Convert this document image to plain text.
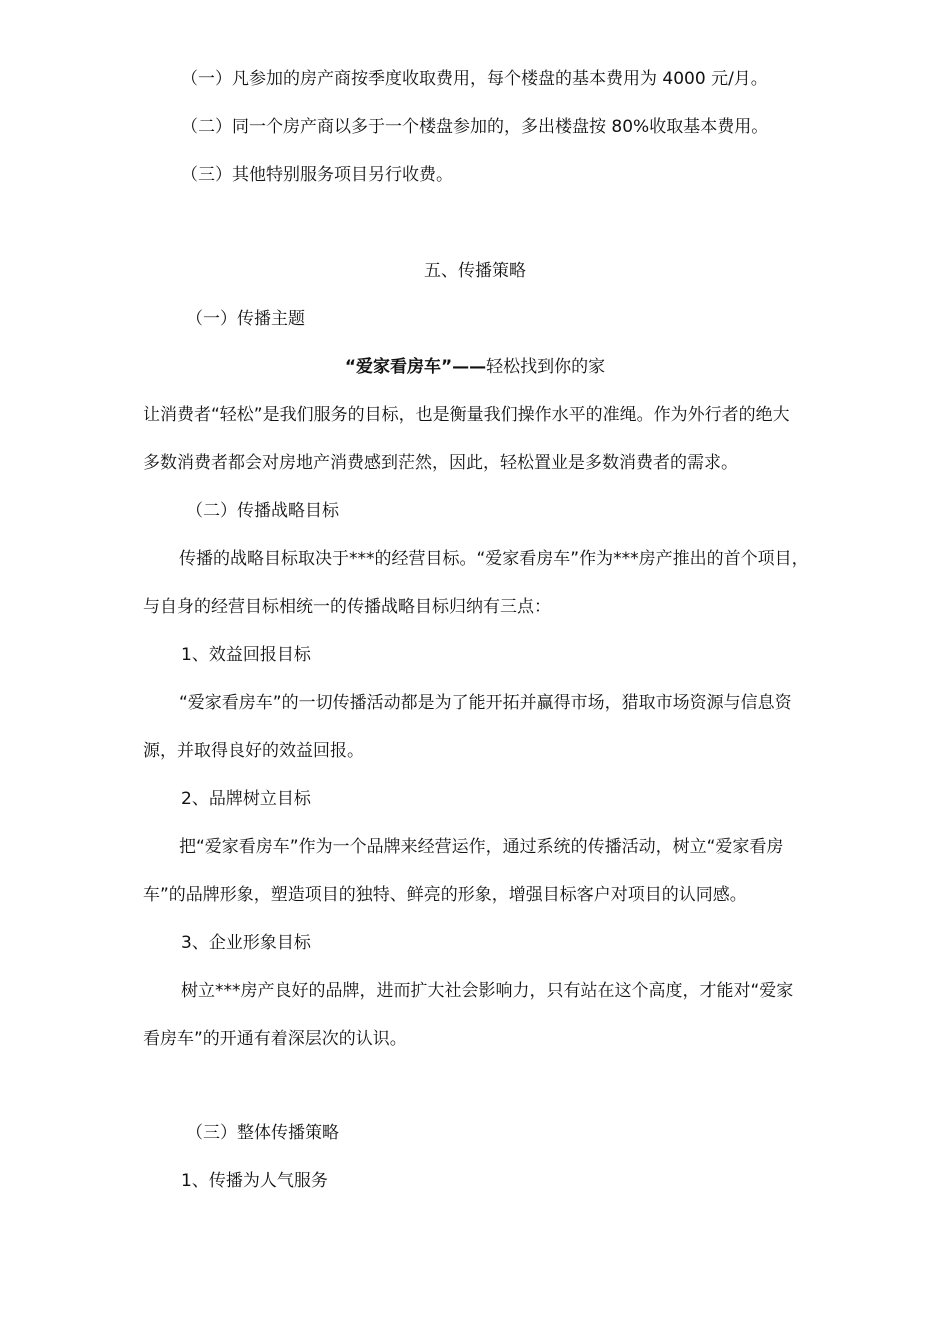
（一）凡参加的房产商按季度收取费用，每个楼盘的基本费用为 4000 元/月。

（二）同一个房产商以多于一个楼盘参加的，多出楼盘按 80%收取基本费用。

（三）其他特别服务项目另行收费。

五、传播策略

（一）传播主题

“爱家看房车”——轻松找到你的家

让消费者“轻松”是我们服务的目标，也是衡量我们操作水平的准绳。作为外行者的绝大

多数消费者都会对房地产消费感到茫然，因此，轻松置业是多数消费者的需求。

（二）传播战略目标

传播的战略目标取决于***的经营目标。“爱家看房车”作为***房产推出的首个项目，

与自身的经营目标相统一的传播战略目标归纳有三点：

1、效益回报目标

“爱家看房车”的一切传播活动都是为了能开拓并赢得市场，猎取市场资源与信息资

源，并取得良好的效益回报。

2、品牌树立目标

把“爱家看房车”作为一个品牌来经营运作，通过系统的传播活动，树立“爱家看房

车”的品牌形象，塑造项目的独特、鲜亮的形象，增强目标客户对项目的认同感。

3、企业形象目标

树立***房产良好的品牌，进而扩大社会影响力，只有站在这个高度，才能对“爱家

看房车”的开通有着深层次的认识。

（三）整体传播策略

1、传播为人气服务
